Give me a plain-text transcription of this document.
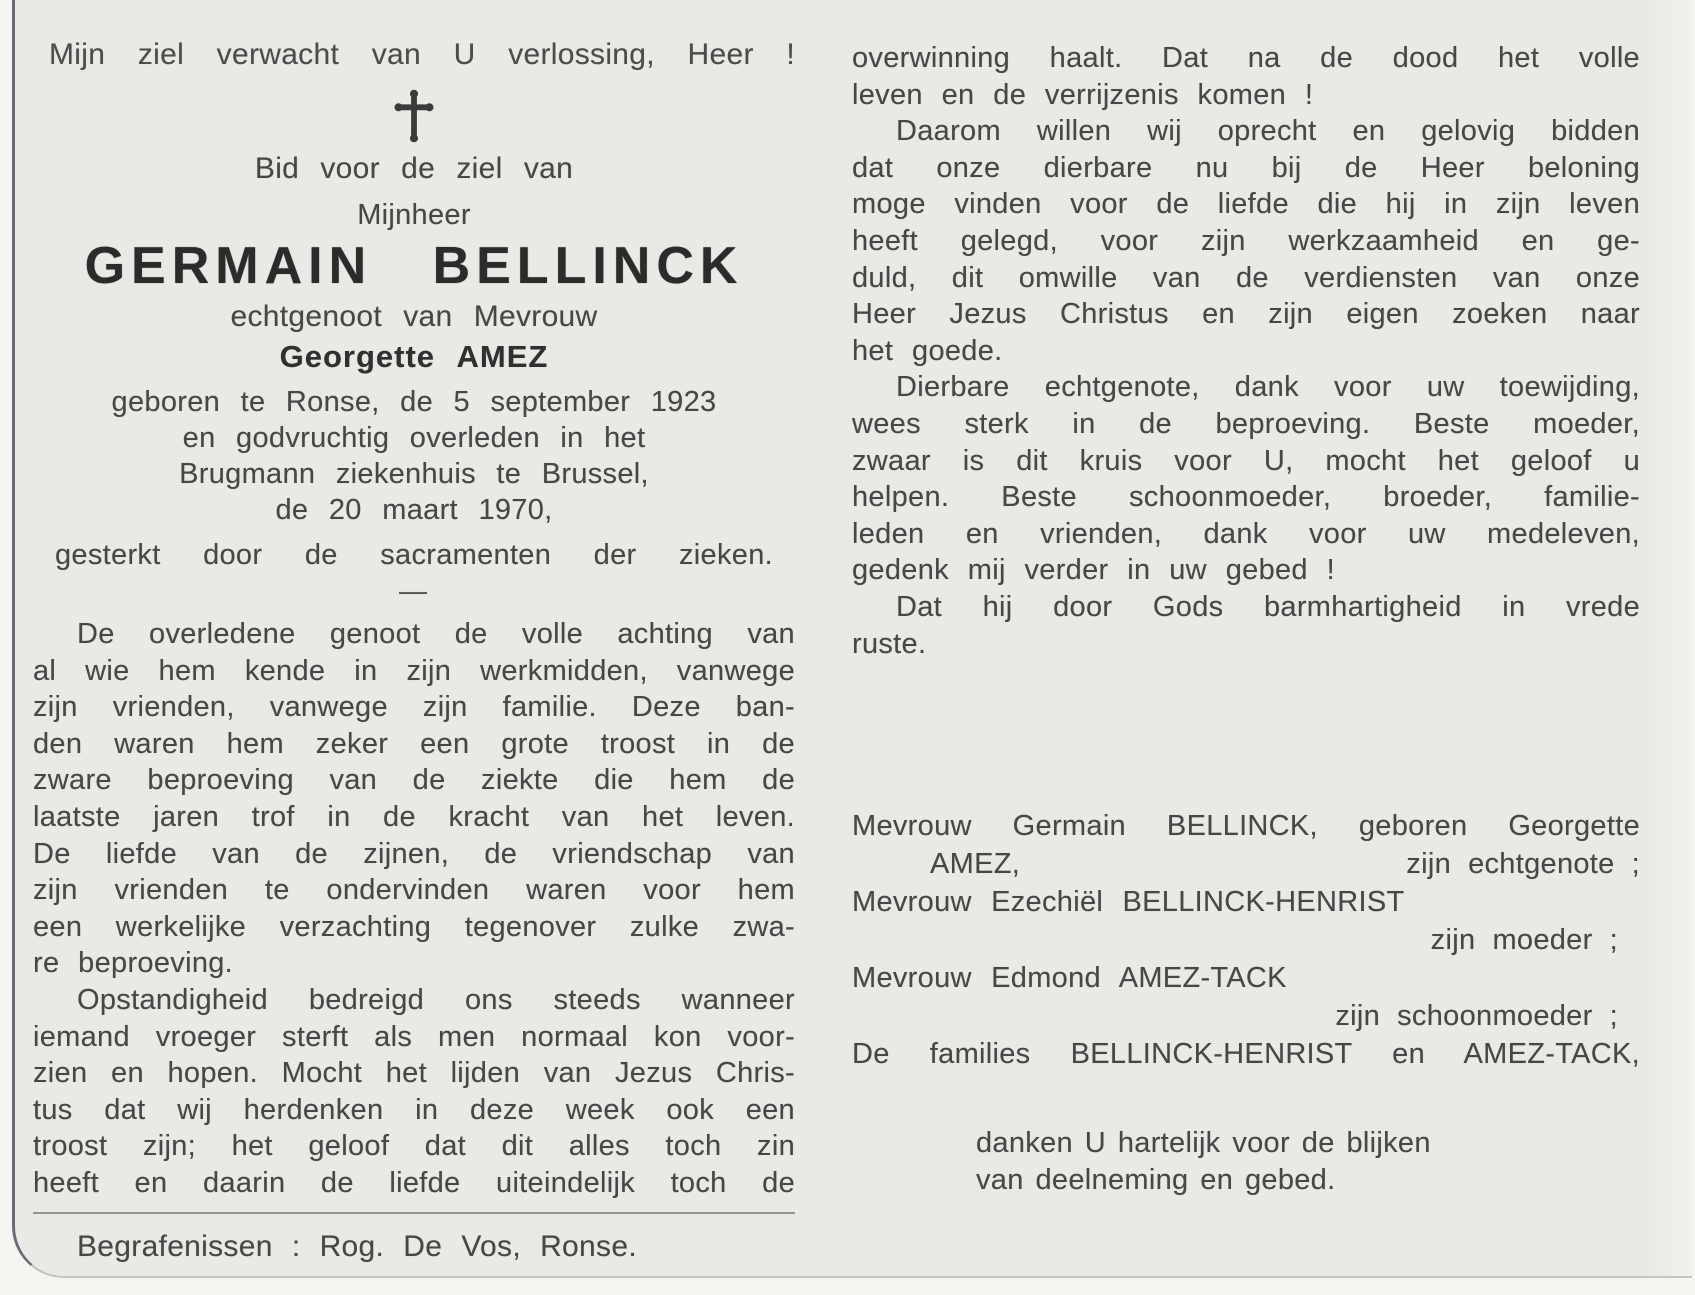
Mijn ziel verwacht van U verlossing, Heer !
Bid voor de ziel van
Mijnheer
GERMAIN BELLINCK
echtgenoot van Mevrouw
Georgette AMEZ
geboren te Ronse, de 5 september 1923
en godvruchtig overleden in het
Brugmann ziekenhuis te Brussel,
de 20 maart 1970,
gesterkt door de sacramenten der zieken.
—
De overledene genoot de volle achting van
al wie hem kende in zijn werkmidden, vanwege
zijn vrienden, vanwege zijn familie. Deze ban-
den waren hem zeker een grote troost in de
zware beproeving van de ziekte die hem de
laatste jaren trof in de kracht van het leven.
De liefde van de zijnen, de vriendschap van
zijn vrienden te ondervinden waren voor hem
een werkelijke verzachting tegenover zulke zwa-
re beproeving.
Opstandigheid bedreigd ons steeds wanneer
iemand vroeger sterft als men normaal kon voor-
zien en hopen. Mocht het lijden van Jezus Chris-
tus dat wij herdenken in deze week ook een
troost zijn; het geloof dat dit alles toch zin
heeft en daarin de liefde uiteindelijk toch de
Begrafenissen : Rog. De Vos, Ronse.
overwinning haalt. Dat na de dood het volle
leven en de verrijzenis komen !
Daarom willen wij oprecht en gelovig bidden
dat onze dierbare nu bij de Heer beloning
moge vinden voor de liefde die hij in zijn leven
heeft gelegd, voor zijn werkzaamheid en ge-
duld, dit omwille van de verdiensten van onze
Heer Jezus Christus en zijn eigen zoeken naar
het goede.
Dierbare echtgenote, dank voor uw toewijding,
wees sterk in de beproeving. Beste moeder,
zwaar is dit kruis voor U, mocht het geloof u
helpen. Beste schoonmoeder, broeder, familie-
leden en vrienden, dank voor uw medeleven,
gedenk mij verder in uw gebed !
Dat hij door Gods barmhartigheid in vrede
ruste.
Mevrouw Germain BELLINCK, geboren Georgette
AMEZ,	zijn echtgenote ;
Mevrouw Ezechiël BELLINCK-HENRIST
zijn moeder ;
Mevrouw Edmond AMEZ-TACK
zijn schoonmoeder ;
De families BELLINCK-HENRIST en AMEZ-TACK,
danken U hartelijk voor de blijken
van deelneming en gebed.
